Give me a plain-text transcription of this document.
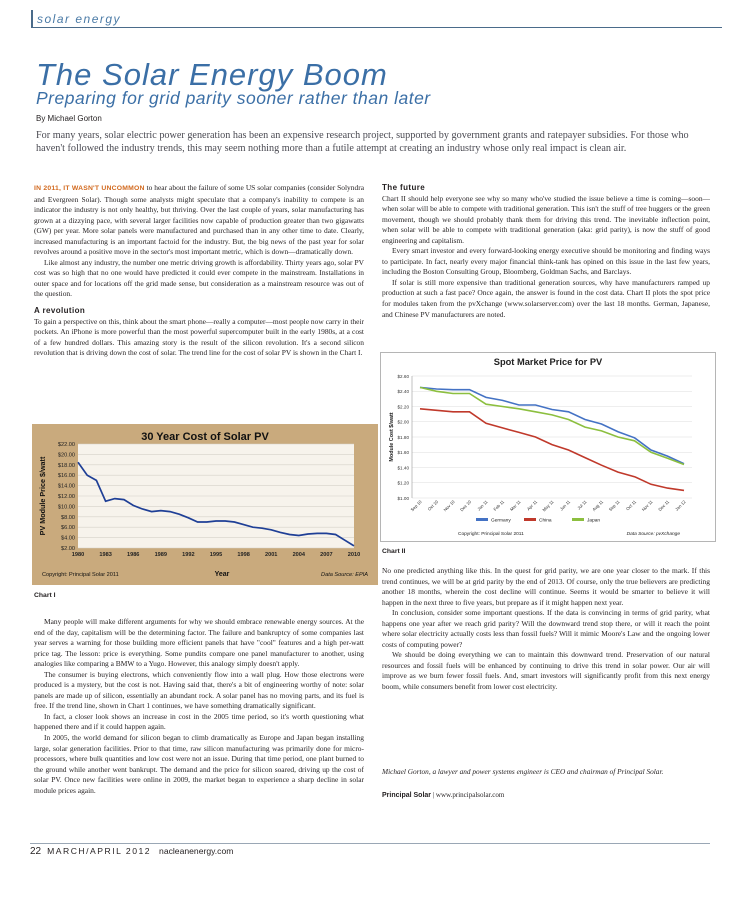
solar energy
The Solar Energy Boom
Preparing for grid parity sooner rather than later
By Michael Gorton
For many years, solar electric power generation has been an expensive research project, supported by government grants and ratepayer subsidies. For those who haven't followed the industry trends, this may seem nothing more than a futile attempt at creating an industry whose only real impact is clean air.

IN 2011, IT WASN'T UNCOMMON to hear about the failure of some US solar companies (consider Solyndra and Evergreen Solar). Though some analysts might speculate that a company's inability to compete is an indicator the industry is not only healthy, but thriving. Over the last couple of years, solar manufacturing has grown at a dizzying pace, with several larger facilities now capable of production greater than two gigawatts (GW) per year. More solar panels were manufactured and purchased than in any other time to date. Clearly, increased manufacturing is an important factoid for the industry. But, the big news of the past year for solar revolves around a positive move in the sector's most important metric, which is down—dramatically down.

Like almost any industry, the number one metric driving growth is affordability. Thirty years ago, solar PV cost was so high that no one would have predicted it could ever compete in the mainstream. Installations in outer space and for locations off the grid made sense, but consideration as a mainstream resource was out of the question.

A revolution

To gain a perspective on this, think about the smart phone—really a computer—most people now carry in their pockets. An iPhone is more powerful than the most powerful supercomputer built in the early 1980s, at a cost of a few hundred dollars. This amazing story is the result of the silicon revolution. It's a second silicon revolution that is driving down the cost of solar. The trend line for the cost of solar PV is shown in the Chart I.

30 Year Cost of Solar PV
$22.00
$20.00
$18.00
$16.00
$14.00
$12.00
$10.00
$8.00
$6.00
$4.00
$2.00
1980	1983	1986	1989	1992	1995	1998	2001	2004	2007	2010
PV Module Price $/watt
Year
Copyright: Principal Solar 2011	Data Source: EPIA
Chart I

Many people will make different arguments for why we should embrace renewable energy sources. At the end of the day, capitalism will be the determining factor. The failure and bankruptcy of some companies last year serves a warning for those building more efficient panels that have "cool" features and a high per-watt price tag. The lesson: price is everything. Some pundits compare one panel manufacturer to another, using analogies like comparing a BMW to a Yugo. However, this analogy simply doesn't apply.

The consumer is buying electrons, which conveniently flow into a wall plug. How those electrons were produced is a mystery, but the cost is not. Having said that, there's a bit of engineering worthy of note: solar panels are made up of silicon, essentially an abundant rock. A solar panel has no moving parts, and its fuel is free. If the trend line, shown in Chart 1 continues, we have something dramatically significant.

In fact, a closer look shows an increase in cost in the 2005 time period, so it's worth questioning what happened there and if it could happen again.

In 2005, the world demand for silicon began to climb dramatically as Europe and Japan began installing large, solar generation facilities. Prior to that time, raw silicon manufacturing was primarily done for micro-processors, where bulk quantities and low cost were not an issue. During that time period, one plant burned to the ground while another went bankrupt. The demand and the price for silicon soared, driving up the cost of solar PV. Once new facilities were online in 2009, the market began to experience a sharp decline in solar module prices again.

The future

Chart II should help everyone see why so many who've studied the issue believe a time is coming—soon—when solar will be able to compete with traditional generation. This isn't the stuff of tree huggers or the green movement, though we should probably thank them for driving this trend. The inevitable inflection point, when solar will be able to compete with traditional generation (aka: grid parity), is now the stuff of good engineering and capitalism.

Every smart investor and every forward-looking energy executive should be monitoring and finding ways to participate. In fact, nearly every major financial think-tank has opined on this issue in the last few years, including the Boston Consulting Group, Bloomberg, Goldman Sachs, and Barclays.

If solar is still more expensive than traditional generation sources, why have manufacturers ramped up production at such a fast pace? Once again, the answer is found in the cost data. Chart II plots the spot price for modules taken from the pvXchange (www.solarserver.com) over the last 18 months. German, Japanese, and Chinese PV manufacturers are noted.

Spot Market Price for PV
$2.60
$2.40
$2.20
$2.00
$1.80
$1.60
$1.40
$1.20
$1.00
Sep 10 Oct 10 Nov 10 Dec 10 Jan 11 Feb 11 Mar 11 Apr 11 May 11 Jun 11 Jul 11 Aug 11 Sep 11 Oct 11 Nov 11 Dec 11 Jan 12
Module Cost $/watt
Germany	China	Japan
Copyright: Principal Solar 2011	Data Source: pvXchange
Chart II

No one predicted anything like this. In the quest for grid parity, we are one year closer to the mark. If this trend continues, we will be at grid parity by the end of 2013. Of course, only the true believers are predicting another 18 months, wherein the cost decline will continue. Seems it would be smarter to believe it will happen in the next three to five years, but prepare as if it might happen next year.

In conclusion, consider some important questions. If the data is convincing in terms of grid parity, what happens one year after we reach grid parity? Will the downward trend stop there, or will it reach the point where solar electricity actually costs less than fossil fuels? Will it mimic Moore's Law and the ongoing lower costs of computing power?

We should be doing everything we can to maintain this downward trend. Preservation of our natural resources and fossil fuels will be enhanced by continuing to drive this trend in solar power. Our air will improve as we burn fewer fossil fuels. And, smart investors will significantly profit from this next energy boom, while consumers benefit from lower cost electricity.

Michael Gorton, a lawyer and power systems engineer is CEO and chairman of Principal Solar.
Principal Solar | www.principalsolar.com
22 MARCH/APRIL 2012 nacleanenergy.com
